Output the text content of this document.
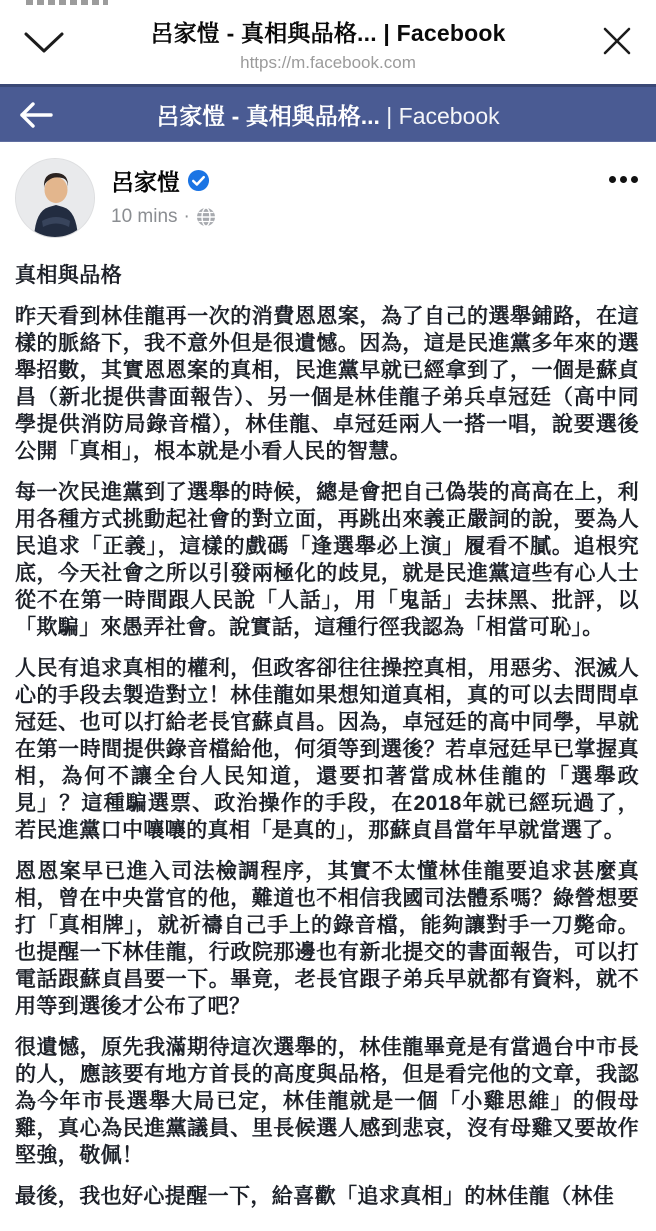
呂家愷 - 真相與品格... | Facebook
https://m.facebook.com
呂家愷 - 真相與品格... | Facebook
呂家愷
10 mins ·

真相與品格

昨天看到林佳龍再一次的消費恩恩案，為了自己的選舉鋪路，在這樣的脈絡下，我不意外但是很遺憾。因為，這是民進黨多年來的選舉招數，其實恩恩案的真相，民進黨早就已經拿到了，一個是蘇貞昌（新北提供書面報告）、另一個是林佳龍子弟兵卓冠廷（高中同學提供消防局錄音檔），林佳龍、卓冠廷兩人一搭一唱，說要選後公開「真相」，根本就是小看人民的智慧。

每一次民進黨到了選舉的時候，總是會把自己偽裝的高高在上，利用各種方式挑動起社會的對立面，再跳出來義正嚴詞的說，要為人民追求「正義」，這樣的戲碼「逢選舉必上演」履看不膩。追根究底，今天社會之所以引發兩極化的歧見，就是民進黨這些有心人士從不在第一時間跟人民說「人話」，用「鬼話」去抹黑、批評，以「欺騙」來愚弄社會。說實話，這種行徑我認為「相當可恥」。

人民有追求真相的權利，但政客卻往往操控真相，用惡劣、泯滅人心的手段去製造對立！林佳龍如果想知道真相，真的可以去問問卓冠廷、也可以打給老長官蘇貞昌。因為，卓冠廷的高中同學，早就在第一時間提供錄音檔給他，何須等到選後？若卓冠廷早已掌握真相，為何不讓全台人民知道，還要扣著當成林佳龍的「選舉政見」？這種騙選票、政治操作的手段，在2018年就已經玩過了，若民進黨口中嚷嚷的真相「是真的」，那蘇貞昌當年早就當選了。

恩恩案早已進入司法檢調程序，其實不太懂林佳龍要追求甚麼真相，曾在中央當官的他，難道也不相信我國司法體系嗎？綠營想要打「真相牌」，就祈禱自己手上的錄音檔，能夠讓對手一刀斃命。也提醒一下林佳龍，行政院那邊也有新北提交的書面報告，可以打電話跟蘇貞昌要一下。畢竟，老長官跟子弟兵早就都有資料，就不用等到選後才公布了吧？

很遺憾，原先我滿期待這次選舉的，林佳龍畢竟是有當過台中市長的人，應該要有地方首長的高度與品格，但是看完他的文章，我認為今年市長選舉大局已定，林佳龍就是一個「小雞思維」的假母雞，真心為民進黨議員、里長候選人感到悲哀，沒有母雞又要故作堅強，敬佩！

最後，我也好心提醒一下，給喜歡「追求真相」的林佳龍（林佳
